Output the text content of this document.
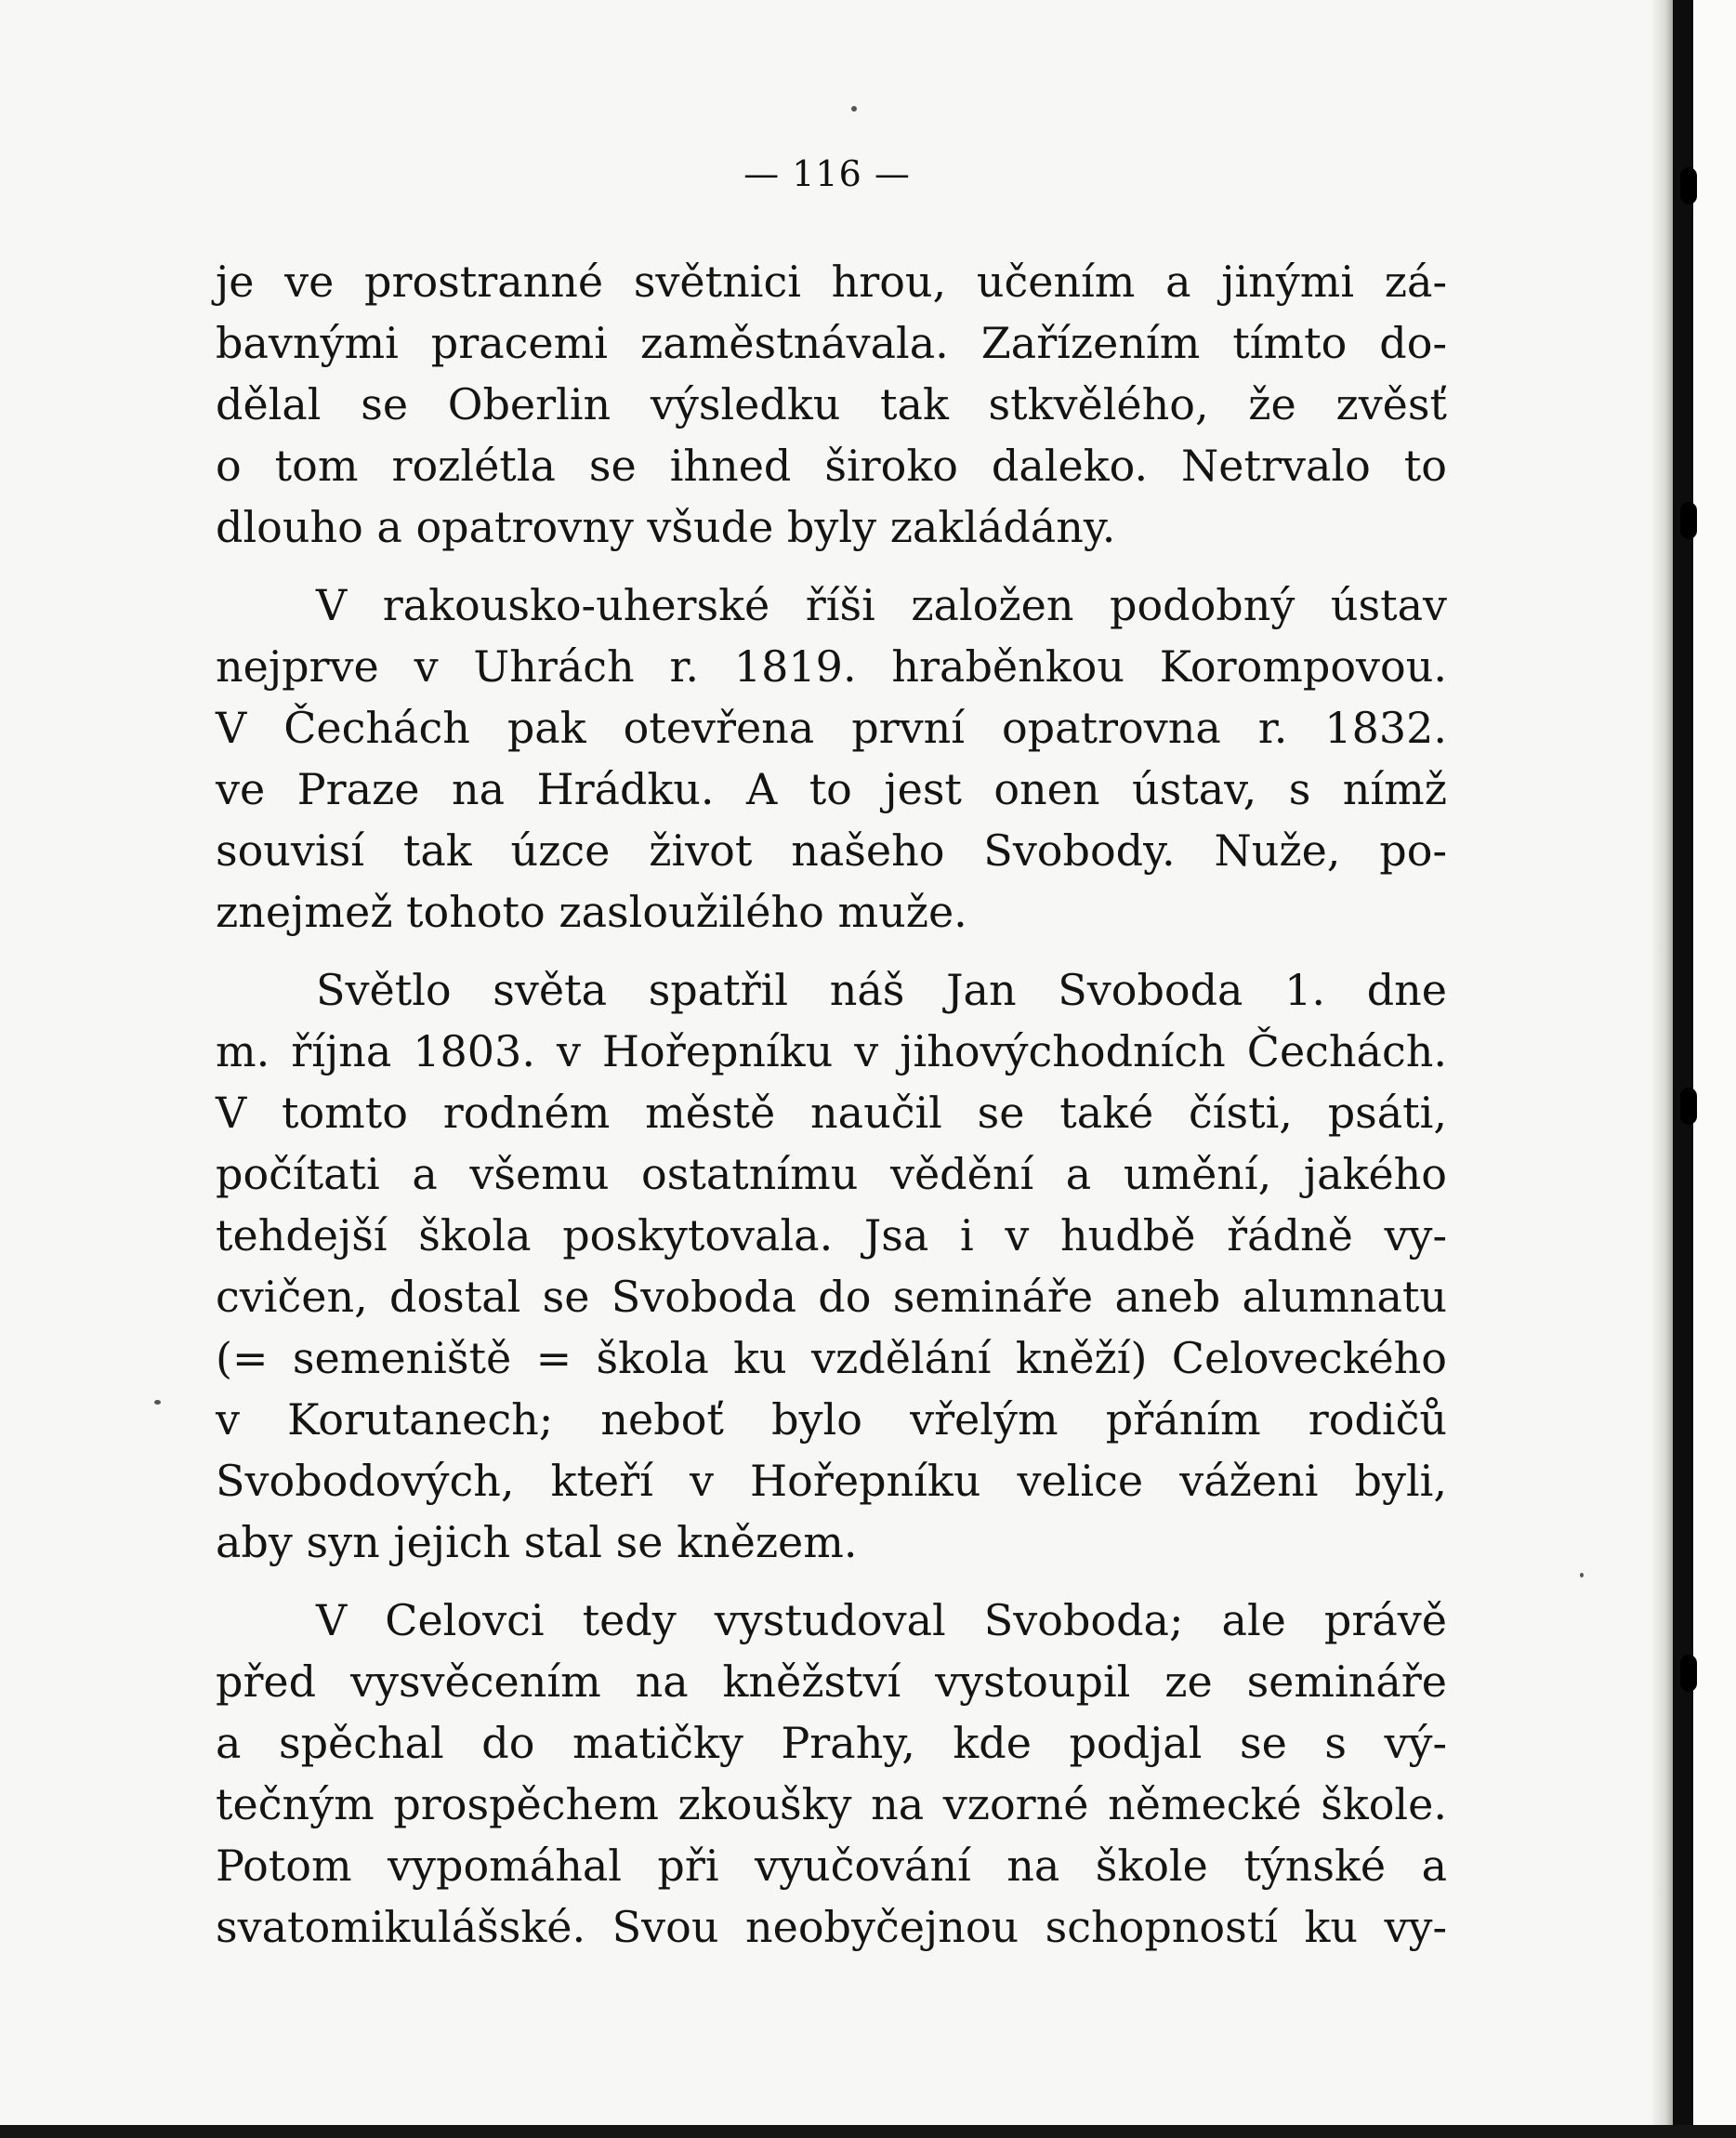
— 116 —
je ve prostranné světnici hrou, učením a jinými zá-
bavnými pracemi zaměstnávala. Zařízením tímto do-
dělal se Oberlin výsledku tak stkvělého, že zvěsť
o tom rozlétla se ihned široko daleko. Netrvalo to
dlouho a opatrovny všude byly zakládány.
V rakousko-uherské říši založen podobný ústav
nejprve v Uhrách r. 1819. hraběnkou Korompovou.
V Čechách pak otevřena první opatrovna r. 1832.
ve Praze na Hrádku. A to jest onen ústav, s nímž
souvisí tak úzce život našeho Svobody. Nuže, po-
znejmež tohoto zasloužilého muže.
Světlo světa spatřil náš Jan Svoboda 1. dne
m. října 1803. v Hořepníku v jihovýchodních Čechách.
V tomto rodném městě naučil se také čísti, psáti,
počítati a všemu ostatnímu vědění a umění, jakého
tehdejší škola poskytovala. Jsa i v hudbě řádně vy-
cvičen, dostal se Svoboda do semináře aneb alumnatu
(= semeniště = škola ku vzdělání kněží) Celoveckého
v Korutanech; neboť bylo vřelým přáním rodičů
Svobodových, kteří v Hořepníku velice váženi byli,
aby syn jejich stal se knězem.
V Celovci tedy vystudoval Svoboda; ale právě
před vysvěcením na kněžství vystoupil ze semináře
a spěchal do matičky Prahy, kde podjal se s vý-
tečným prospěchem zkoušky na vzorné německé škole.
Potom vypomáhal při vyučování na škole týnské a
svatomikulášské. Svou neobyčejnou schopností ku vy-
